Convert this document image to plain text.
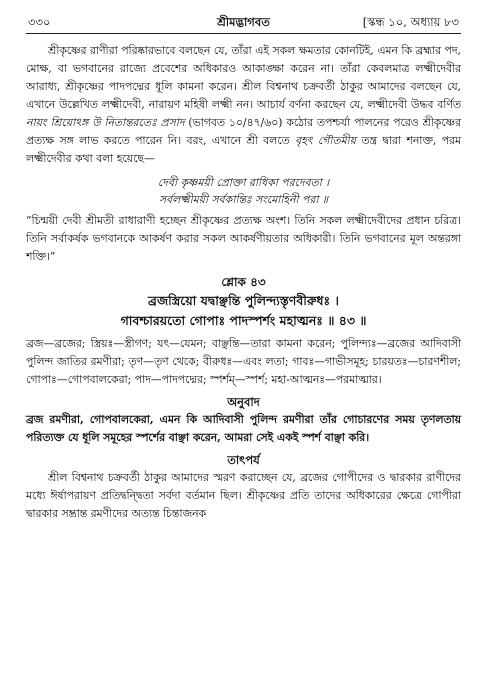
৩৩০	শ্রীমদ্ভাগবত	[স্কন্ধ ১০, অধ্যায় ৮৩

শ্রীকৃষ্ণের রাণীরা পরিষ্কারভাবে বলছেন যে, তাঁরা এই সকল ক্ষমতার কোনটিই, এমন কি ব্রহ্মার পদ, মোক্ষ, বা ভগবানের রাজ্যে প্রবেশের অধিকারও আকাঙ্ক্ষা করেন না। তাঁরা কেবলমাত্র লক্ষ্মীদেবীর আরাধ্য, শ্রীকৃষ্ণের পাদপদ্মের ধূলি কামনা করেন। শ্রীল বিশ্বনাথ চক্রবর্তী ঠাকুর আমাদের বলছেন যে, এখানে উল্লেখিত লক্ষ্মীদেবী, নারায়ণ মহিষী লক্ষ্মী নন। আচার্য বর্ণনা করছেন যে, লক্ষ্মীদেবী উদ্ধব বর্ণিত নায়ং শ্রিয়োঽঙ্গ উ নিতান্তরতেঃ প্রসাদ (ভাগবত ১০/৪৭/৬০) কঠোর তপশ্চর্যা পালনের পরেও শ্রীকৃষ্ণের প্রত্যক্ষ সঙ্গ লাভ করতে পারেন নি। বরং, এখানে শ্রী বলতে বৃহৎ গৌতমীয় তন্ত্র দ্বারা শনাক্ত, পরম লক্ষ্মীদেবীর কথা বলা হয়েছে—

দেবী কৃষ্ণময়ী প্রোক্তা রাধিকা পরদেবতা ।
সর্বলক্ষ্মীময়ী সর্বকান্তিঃ সংমোহিনী পরা ॥

“চিন্ময়ী দেবী শ্রীমতী রাধারাণী হচ্ছেন শ্রীকৃষ্ণের প্রত্যক্ষ অংশ। তিনি সকল লক্ষ্মীদেবীদের প্রধান চরিত্র। তিনি সর্বাকর্ষক ভগবানকে আকর্ষণ করার সকল আকর্ষণীয়তার অধিকারী। তিনি ভগবানের মূল অন্তরঙ্গা শক্তি।”

শ্লোক ৪৩
ব্রজস্ত্রিয়ো যদ্বাঞ্ছন্তি পুলিন্দ্যস্তৃণবীরুধঃ ।
গাবশ্চারয়তো গোপাঃ পাদস্পর্শং মহাত্মনঃ ॥ ৪৩ ॥

ব্রজ—ব্রজের; স্ত্রিয়ঃ—স্ত্রীগণ; যৎ—যেমন; বাঞ্ছন্তি—তারা কামনা করেন; পুলিন্দ্যঃ—ব্রজের আদিবাসী পুলিন্দ জাতির রমণীরা; তৃণ—তৃণ থেকে; বীরুধঃ—এবং লতা; গাবঃ—গাভীসমূহ; চারয়তঃ—চারণশীল; গোপাঃ—গোপবালকেরা; পাদ—পাদপদ্মের; স্পর্শম্—স্পর্শ; মহা-আত্মনঃ—পরমাত্মার।

অনুবাদ

ব্রজ রমণীরা, গোপবালকেরা, এমন কি আদিবাসী পুলিন্দ রমণীরা তাঁর গোচারণের সময় তৃণলতায় পরিত্যক্ত যে ধূলি সমূহের স্পর্শের বাঞ্ছা করেন, আমরা সেই একই স্পর্শ বাঞ্ছা করি।

তাৎপর্য

শ্রীল বিশ্বনাথ চক্রবর্তী ঠাকুর আমাদের স্মরণ করাচ্ছেন যে, ব্রজের গোপীদের ও দ্বারকার রাণীদের মধ্যে ঈর্ষাপরায়ণ প্রতিদ্বন্দ্বিতা সর্বদা বর্তমান ছিল। শ্রীকৃষ্ণের প্রতি তাদের অধিকারের ক্ষেত্রে গোপীরা দ্বারকার সম্ভ্রান্ত রমণীদের অত্যন্ত চিন্তাজনক
